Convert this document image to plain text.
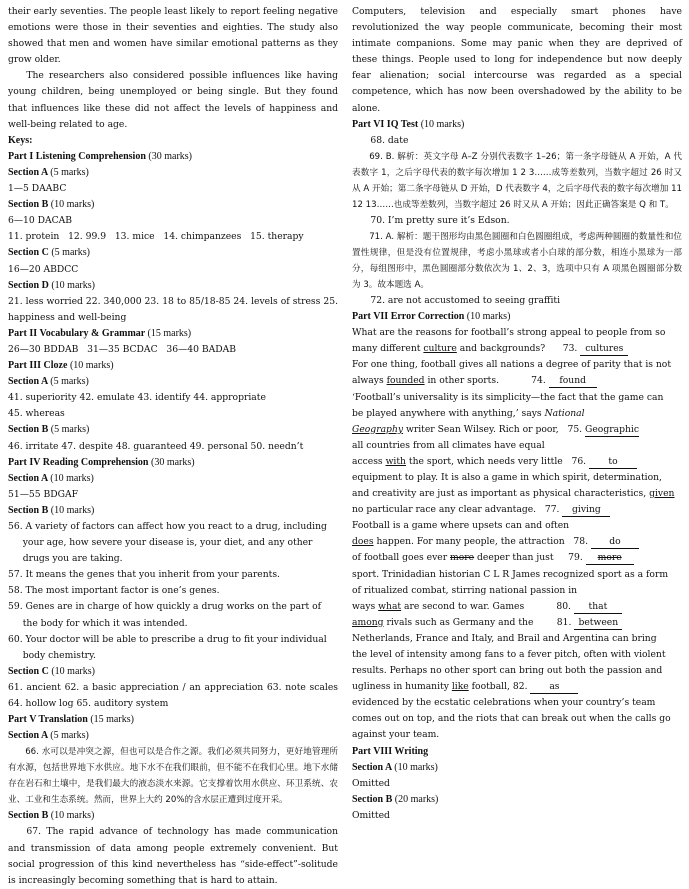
their early seventies. The people least likely to report feeling negative emotions were those in their seventies and eighties. The study also showed that men and women have similar emotional patterns as they grow older.

The researchers also considered possible influences like having young children, being unemployed or being single. But they found that influences like these did not affect the levels of happiness and well-being related to age.

Keys:

Part I Listening Comprehension (30 marks)

Section A (5 marks)

1—5 DAABC

Section B (10 marks)

6—10 DACAB

11. protein   12. 99.9   13. mice   14. chimpanzees   15. therapy

Section C (5 marks)

16—20 ABDCC

Section D (10 marks)

21. less worried 22. 340,000 23. 18 to 85/18-85 24. levels of stress 25. happiness and well-being

Part II Vocabulary & Grammar (15 marks)

26—30 BDDAB   31—35 BCDAC   36—40 BADAB

Part III Cloze (10 marks)

Section A (5 marks)

41. superiority 42. emulate 43. identify 44. appropriate

45. whereas

Section B (5 marks)

46. irritate 47. despite 48. guaranteed 49. personal 50. needn’t

Part IV Reading Comprehension (30 marks)

Section A (10 marks)

51—55 BDGAF

Section B (10 marks)

56. A variety of factors can affect how you react to a drug, including your age, how severe your disease is, your diet, and any other drugs you are taking.

57. It means the genes that you inherit from your parents.

58. The most important factor is one’s genes.

59. Genes are in charge of how quickly a drug works on the part of the body for which it was intended.

60. Your doctor will be able to prescribe a drug to fit your individual body chemistry.

Section C (10 marks)

61. ancient 62. a basic appreciation / an appreciation 63. note scales 64. hollow log 65. auditory system

Part V Translation (15 marks)

Section A (5 marks)

66. 水可以是冲突之源，但也可以是合作之源。我们必须共同努力，更好地管理所有水源，包括世界地下水供应。地下水不在我们眼前，但不能不在我们心里。地下水储存在岩石和土壤中，是我们最大的液态淡水来源。它支撑着饮用水供应、环卫系统、农业、工业和生态系统。然而，世界上大约 20%的含水层正遭到过度开采。

Section B (10 marks)

67. The rapid advance of technology has made communication and transmission of data among people extremely convenient. But social progression of this kind nevertheless has “side-effect”-solitude is increasingly becoming something that is hard to attain.

Computers, television and especially smart phones have revolutionized the way people communicate, becoming their most intimate companions. Some may panic when they are deprived of these things. People used to long for independence but now deeply fear alienation; social intercourse was regarded as a special competence, which has now been overshadowed by the ability to be alone.

Part VI IQ Test (10 marks)

68. date

69. B. 解析：英文字母 A–Z 分别代表数字 1–26；第一条字母链从 A 开始，A 代表数字 1，之后字母代表的数字每次增加 1 2 3……成等差数列，当数字超过 26 时又从 A 开始；第二条字母链从 D 开始，D 代表数字 4，之后字母代表的数字每次增加 11 12 13……也成等差数列，当数字超过 26 时又从 A 开始；因此正确答案是 Q 和 T。

70. I’m pretty sure it’s Edson.

71. A. 解析：题干图形均由黑色圆圈和白色圆圈组成，考虑两种圆圈的数量性和位置性规律，但是没有位置规律，考虑小黑球或者小白球的部分数，相连小黑球为一部分，每组图形中，黑色圆圈部分数依次为 1、2、3，选项中只有 A 项黑色圆圈部分数为 3。故本题选 A。

72. are not accustomed to seeing graffiti

Part VII Error Correction (10 marks)

What are the reasons for football’s strong appeal to people from so

many different culture and backgrounds? 73. cultures

For one thing, football gives all nations a degree of parity that is not

always founded in other sports.	74. found

‘Football’s universality is its simplicity—the fact that the game can

be played anywhere with anything,’ says National

Geography writer Sean Wilsey. Rich or poor, 75. Geographic

all countries from all climates have equal

access with the sport, which needs very little 76. to

equipment to play. It is also a game in which spirit, determination,

and creativity are just as important as physical characteristics, given

no particular race any clear advantage. 77. giving

Football is a game where upsets can and often

does happen. For many people, the attraction 78. do

of football goes ever more deeper than just 79. more

sport. Trinidadian historian C L R James recognized sport as a form

of ritualized combat, stirring national passion in

ways what are second to war. Games	80. that

among rivals such as Germany and the	81. between

Netherlands, France and Italy, and Brail and Argentina can bring

the level of intensity among fans to a fever pitch, often with violent

results. Perhaps no other sport can bring out both the passion and

ugliness in humanity like football, 82. as

evidenced by the ecstatic celebrations when your country’s team

comes out on top, and the riots that can break out when the calls go

against your team.

Part VIII Writing

Section A (10 marks)

Omitted

Section B (20 marks)

Omitted
